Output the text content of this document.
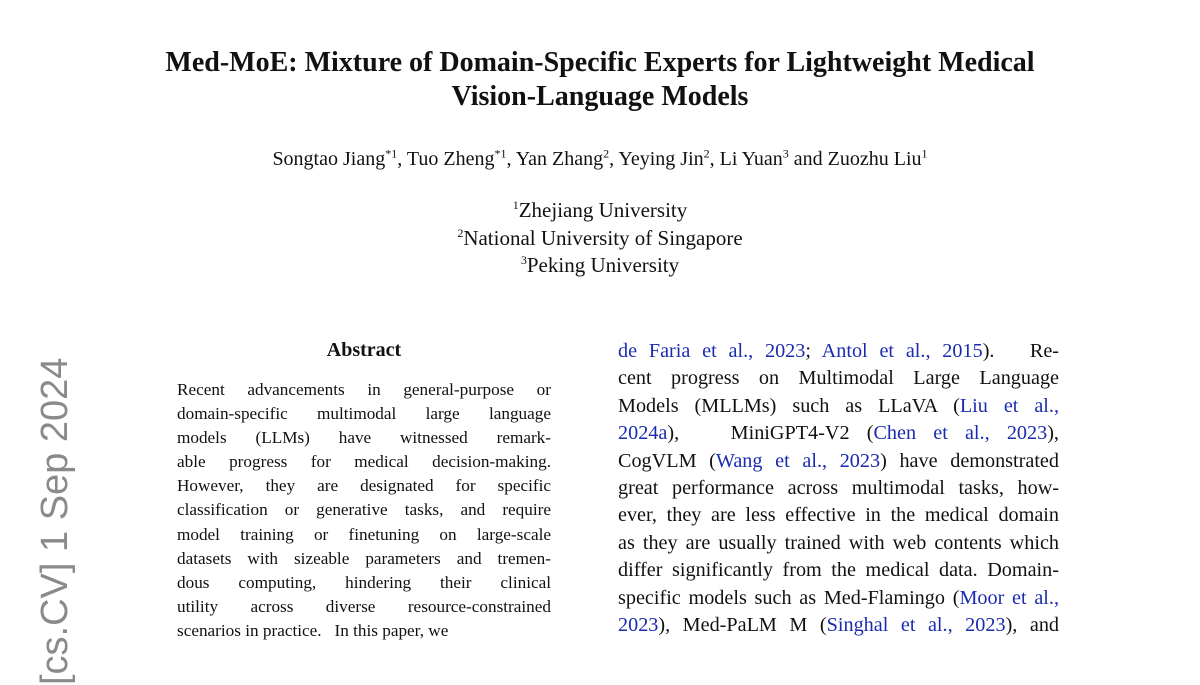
Med-MoE: Mixture of Domain-Specific Experts for Lightweight Medical
Vision-Language Models
Songtao Jiang$^{*1}$, Tuo Zheng$^{*1}$, Yan Zhang$^2$, Yeying Jin$^2$, Li Yuan$^3$ and Zuozhu Liu$^1$
$^1$Zhejiang University
$^2$National University of Singapore
$^3$Peking University
Abstract
Recent advancements in general-purpose or
domain-specific multimodal large language
models (LLMs) have witnessed remark-
able progress for medical decision-making.
However, they are designated for specific
classification or generative tasks, and require
model training or finetuning on large-scale
datasets with sizeable parameters and tremen-
dous computing, hindering their clinical
utility across diverse resource-constrained
scenarios in practice.   In this paper, we
de Faria et al., 2023; Antol et al., 2015).   Re-
cent progress on Multimodal Large Language
Models (MLLMs) such as LLaVA (Liu et al.,
2024a),   MiniGPT4-V2 (Chen et al., 2023),
CogVLM (Wang et al., 2023) have demonstrated
great performance across multimodal tasks, how-
ever, they are less effective in the medical domain
as they are usually trained with web contents which
differ significantly from the medical data. Domain-
specific models such as Med-Flamingo (Moor et al.,
2023), Med-PaLM M (Singhal et al., 2023), and
[cs.CV] 1 Sep 2024
